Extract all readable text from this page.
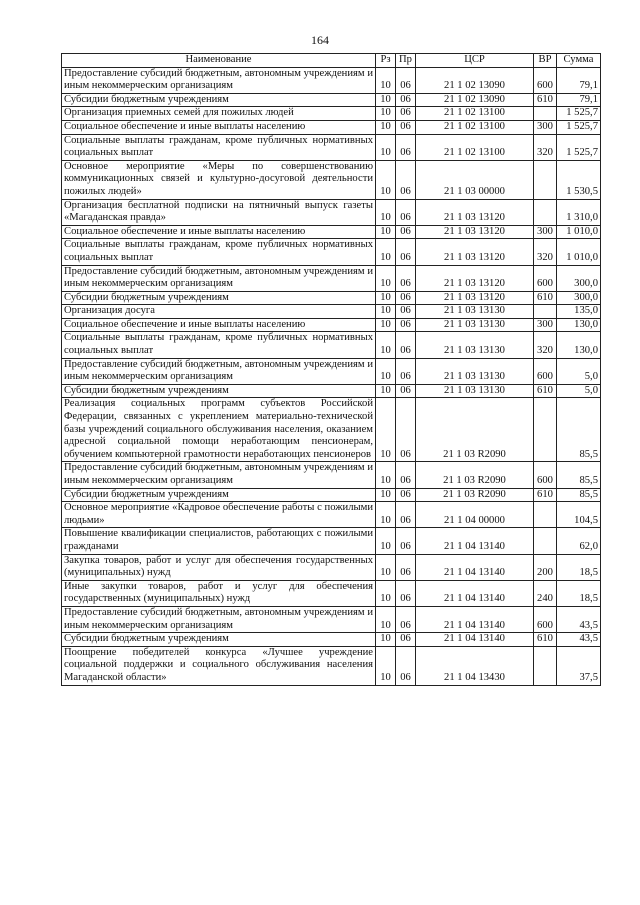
164
Наименование	Рз	Пр	ЦСР	ВР	Сумма
Предоставление субсидий бюджетным, автономным учреждениям и иным некоммерческим организациям	10	06	21 1 02 13090	600	79,1
Субсидии бюджетным учреждениям	10	06	21 1 02 13090	610	79,1
Организация приемных семей для пожилых людей	10	06	21 1 02 13100		1 525,7
Социальное обеспечение и иные выплаты населению	10	06	21 1 02 13100	300	1 525,7
Социальные выплаты гражданам, кроме публичных нормативных социальных выплат	10	06	21 1 02 13100	320	1 525,7
Основное мероприятие «Меры по совершенствованию коммуникационных связей и культурно-досуговой деятельности пожилых людей»	10	06	21 1 03 00000		1 530,5
Организация бесплатной подписки на пятничный выпуск газеты «Магаданская правда»	10	06	21 1 03 13120		1 310,0
Социальное обеспечение и иные выплаты населению	10	06	21 1 03 13120	300	1 010,0
Социальные выплаты гражданам, кроме публичных нормативных социальных выплат	10	06	21 1 03 13120	320	1 010,0
Предоставление субсидий бюджетным, автономным учреждениям и иным некоммерческим организациям	10	06	21 1 03 13120	600	300,0
Субсидии бюджетным учреждениям	10	06	21 1 03 13120	610	300,0
Организация досуга	10	06	21 1 03 13130		135,0
Социальное обеспечение и иные выплаты населению	10	06	21 1 03 13130	300	130,0
Социальные выплаты гражданам, кроме публичных нормативных социальных выплат	10	06	21 1 03 13130	320	130,0
Предоставление субсидий бюджетным, автономным учреждениям и иным некоммерческим организациям	10	06	21 1 03 13130	600	5,0
Субсидии бюджетным учреждениям	10	06	21 1 03 13130	610	5,0
Реализация социальных программ субъектов Российской Федерации, связанных с укреплением материально-технической базы учреждений социального обслуживания населения, оказанием адресной социальной помощи неработающим пенсионерам, обучением компьютерной грамотности неработающих пенсионеров	10	06	21 1 03 R2090		85,5
Предоставление субсидий бюджетным, автономным учреждениям и иным некоммерческим организациям	10	06	21 1 03 R2090	600	85,5
Субсидии бюджетным учреждениям	10	06	21 1 03 R2090	610	85,5
Основное мероприятие «Кадровое обеспечение работы с пожилыми людьми»	10	06	21 1 04 00000		104,5
Повышение квалификации специалистов, работающих с пожилыми гражданами	10	06	21 1 04 13140		62,0
Закупка товаров, работ и услуг для обеспечения государственных (муниципальных) нужд	10	06	21 1 04 13140	200	18,5
Иные закупки товаров, работ и услуг для обеспечения государственных (муниципальных) нужд	10	06	21 1 04 13140	240	18,5
Предоставление субсидий бюджетным, автономным учреждениям и иным некоммерческим организациям	10	06	21 1 04 13140	600	43,5
Субсидии бюджетным учреждениям	10	06	21 1 04 13140	610	43,5
Поощрение победителей конкурса «Лучшее учреждение социальной поддержки и социального обслуживания населения Магаданской области»	10	06	21 1 04 13430		37,5
